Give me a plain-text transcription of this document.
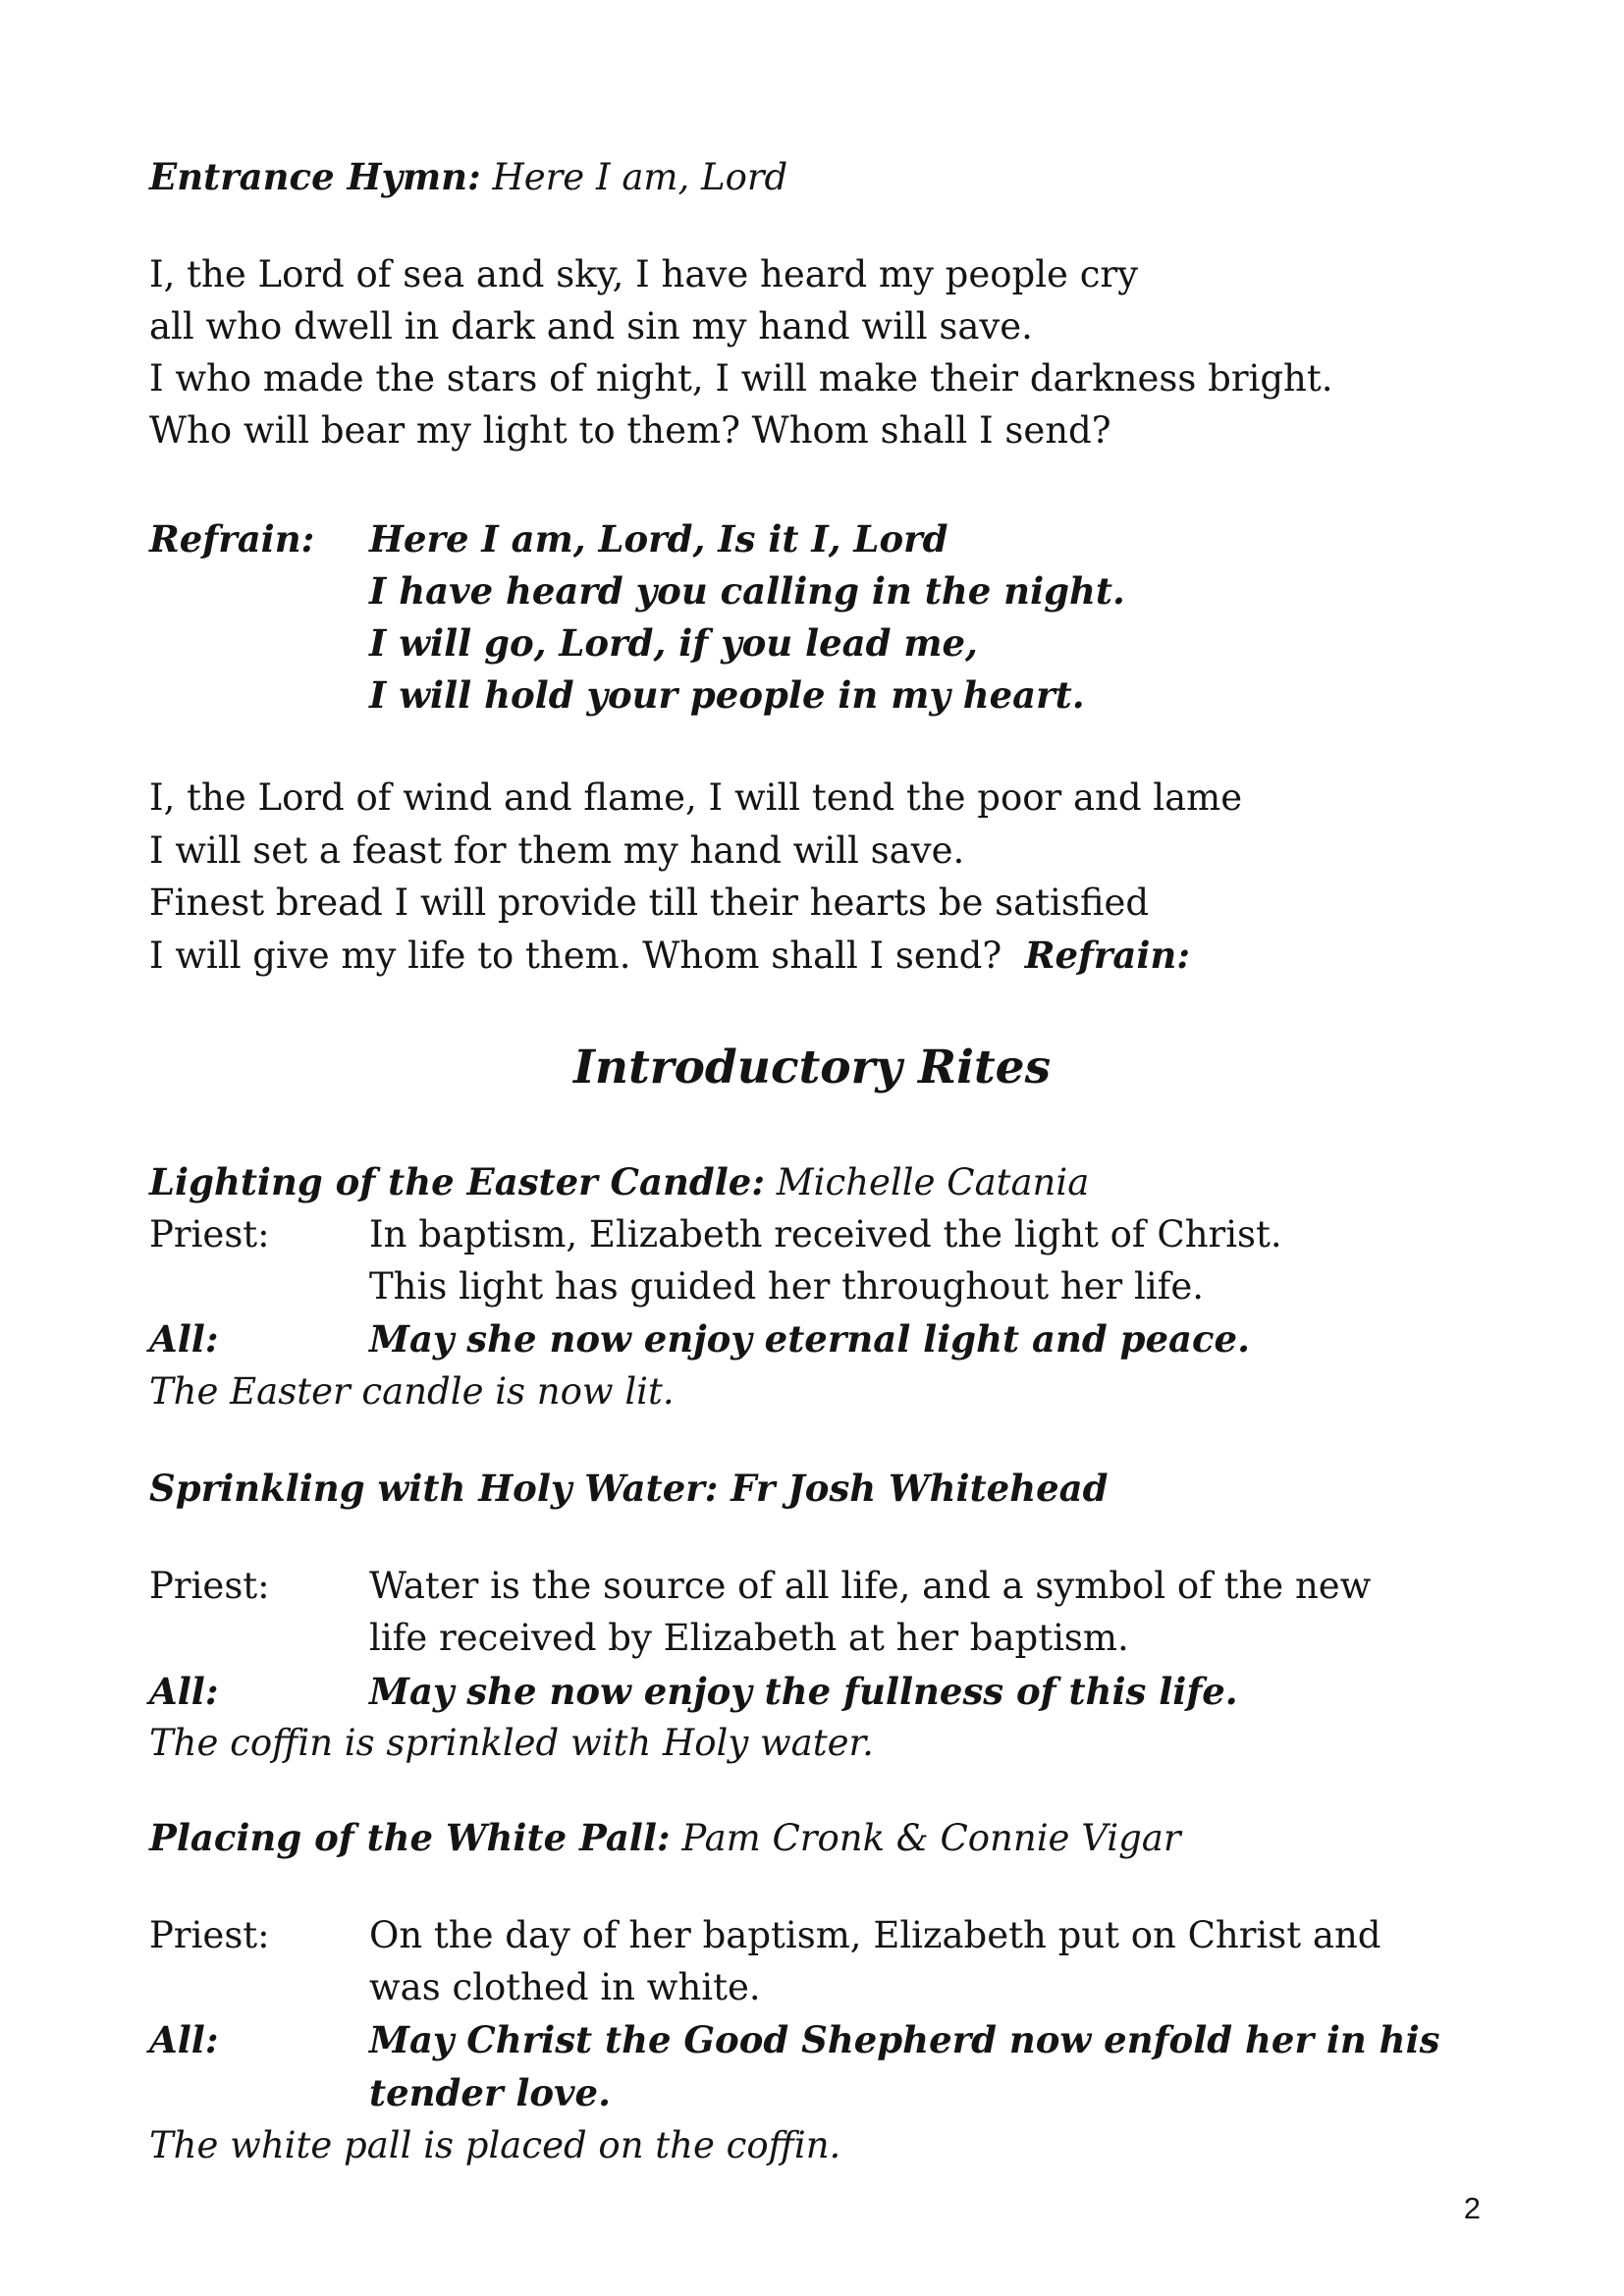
Entrance Hymn: Here I am, Lord

I, the Lord of sea and sky, I have heard my people cry

all who dwell in dark and sin my hand will save.

I who made the stars of night, I will make their darkness bright.

Who will bear my light to them? Whom shall I send?

Refrain: Here I am, Lord, Is it I, Lord

I have heard you calling in the night.

I will go, Lord, if you lead me,

I will hold your people in my heart.

I, the Lord of wind and flame, I will tend the poor and lame

I will set a feast for them my hand will save.

Finest bread I will provide till their hearts be satisfied

I will give my life to them. Whom shall I send? Refrain:

Introductory Rites

Lighting of the Easter Candle: Michelle Catania

Priest:	In baptism, Elizabeth received the light of Christ.

This light has guided her throughout her life.

All:	May she now enjoy eternal light and peace.

The Easter candle is now lit.

Sprinkling with Holy Water: Fr Josh Whitehead

Priest:	Water is the source of all life, and a symbol of the new

life received by Elizabeth at her baptism.

All:	May she now enjoy the fullness of this life.

The coffin is sprinkled with Holy water.

Placing of the White Pall: Pam Cronk & Connie Vigar

Priest:	On the day of her baptism, Elizabeth put on Christ and

was clothed in white.

All:	May Christ the Good Shepherd now enfold her in his

tender love.

The white pall is placed on the coffin.

2
